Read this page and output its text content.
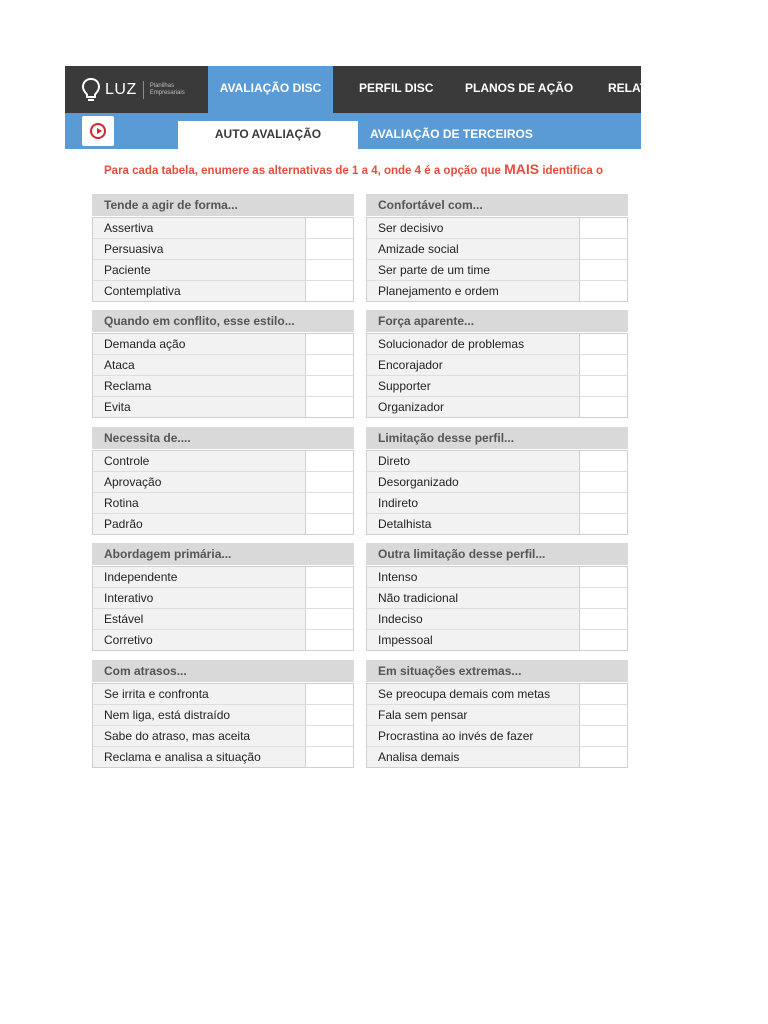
LUZ Planilhas Empresariais	AVALIAÇÃO DISC	PERFIL DISC	PLANOS DE AÇÃO	RELAT
AUTO AVALIAÇÃO	AVALIAÇÃO DE TERCEIROS
Para cada tabela, enumere as alternativas de 1 a 4, onde 4 é a opção que MAIS identifica o
Tende a agir de forma...
Assertiva
Persuasiva
Paciente
Contemplativa
Confortável com...
Ser decisivo
Amizade social
Ser parte de um time
Planejamento e ordem
Quando em conflito, esse estilo...
Demanda ação
Ataca
Reclama
Evita
Força aparente...
Solucionador de problemas
Encorajador
Supporter
Organizador
Necessita de....
Controle
Aprovação
Rotina
Padrão
Limitação desse perfil...
Direto
Desorganizado
Indireto
Detalhista
Abordagem primária...
Independente
Interativo
Estável
Corretivo
Outra limitação desse perfil...
Intenso
Não tradicional
Indeciso
Impessoal
Com atrasos...
Se irrita e confronta
Nem liga, está distraído
Sabe do atraso, mas aceita
Reclama e analisa a situação
Em situações extremas...
Se preocupa demais com metas
Fala sem pensar
Procrastina ao invés de fazer
Analisa demais
